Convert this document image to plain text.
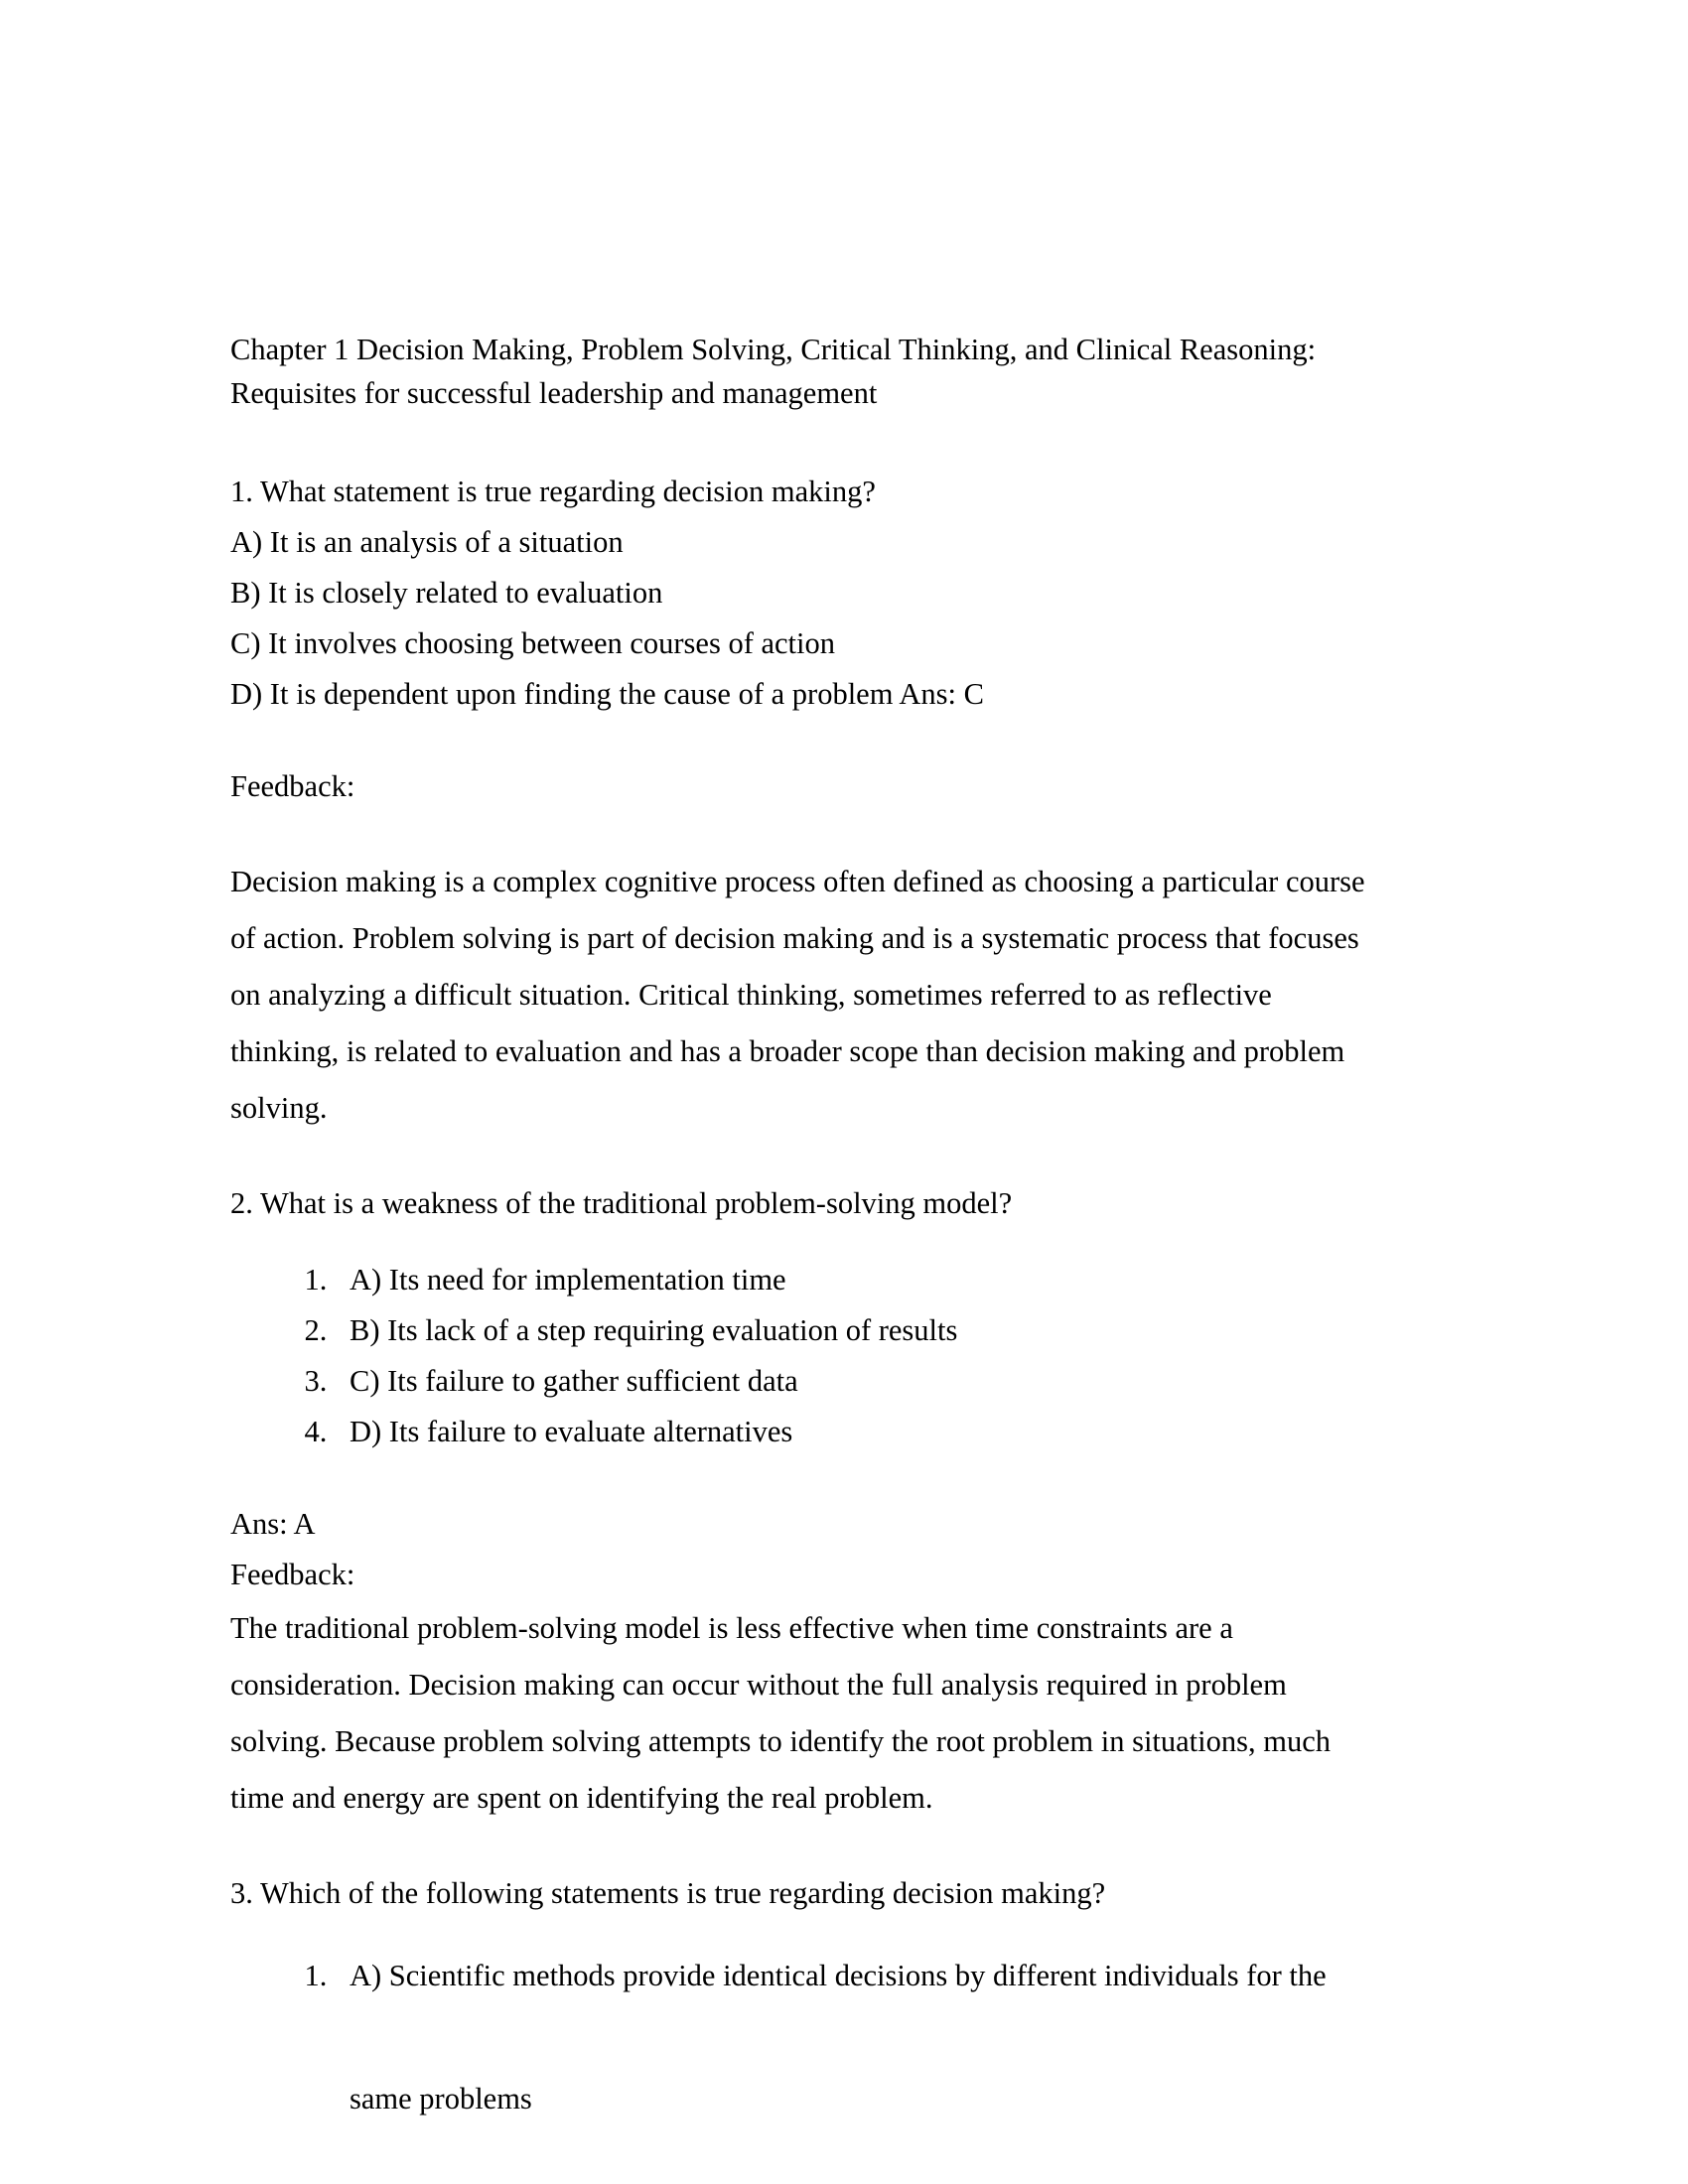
Chapter 1 Decision Making, Problem Solving, Critical Thinking, and Clinical Reasoning:
Requisites for successful leadership and management

1. What statement is true regarding decision making?

A) It is an analysis of a situation
B) It is closely related to evaluation
C) It involves choosing between courses of action
D) It is dependent upon finding the cause of a problem Ans: C

Feedback:

Decision making is a complex cognitive process often defined as choosing a particular course
of action. Problem solving is part of decision making and is a systematic process that focuses
on analyzing a difficult situation. Critical thinking, sometimes referred to as reflective
thinking, is related to evaluation and has a broader scope than decision making and problem
solving.

2. What is a weakness of the traditional problem-solving model?

1. A) Its need for implementation time
2. B) Its lack of a step requiring evaluation of results
3. C) Its failure to gather sufficient data
4. D) Its failure to evaluate alternatives

Ans: A

Feedback:

The traditional problem-solving model is less effective when time constraints are a
consideration. Decision making can occur without the full analysis required in problem
solving. Because problem solving attempts to identify the root problem in situations, much
time and energy are spent on identifying the real problem.

3. Which of the following statements is true regarding decision making?

1. A) Scientific methods provide identical decisions by different individuals for the

same problems
